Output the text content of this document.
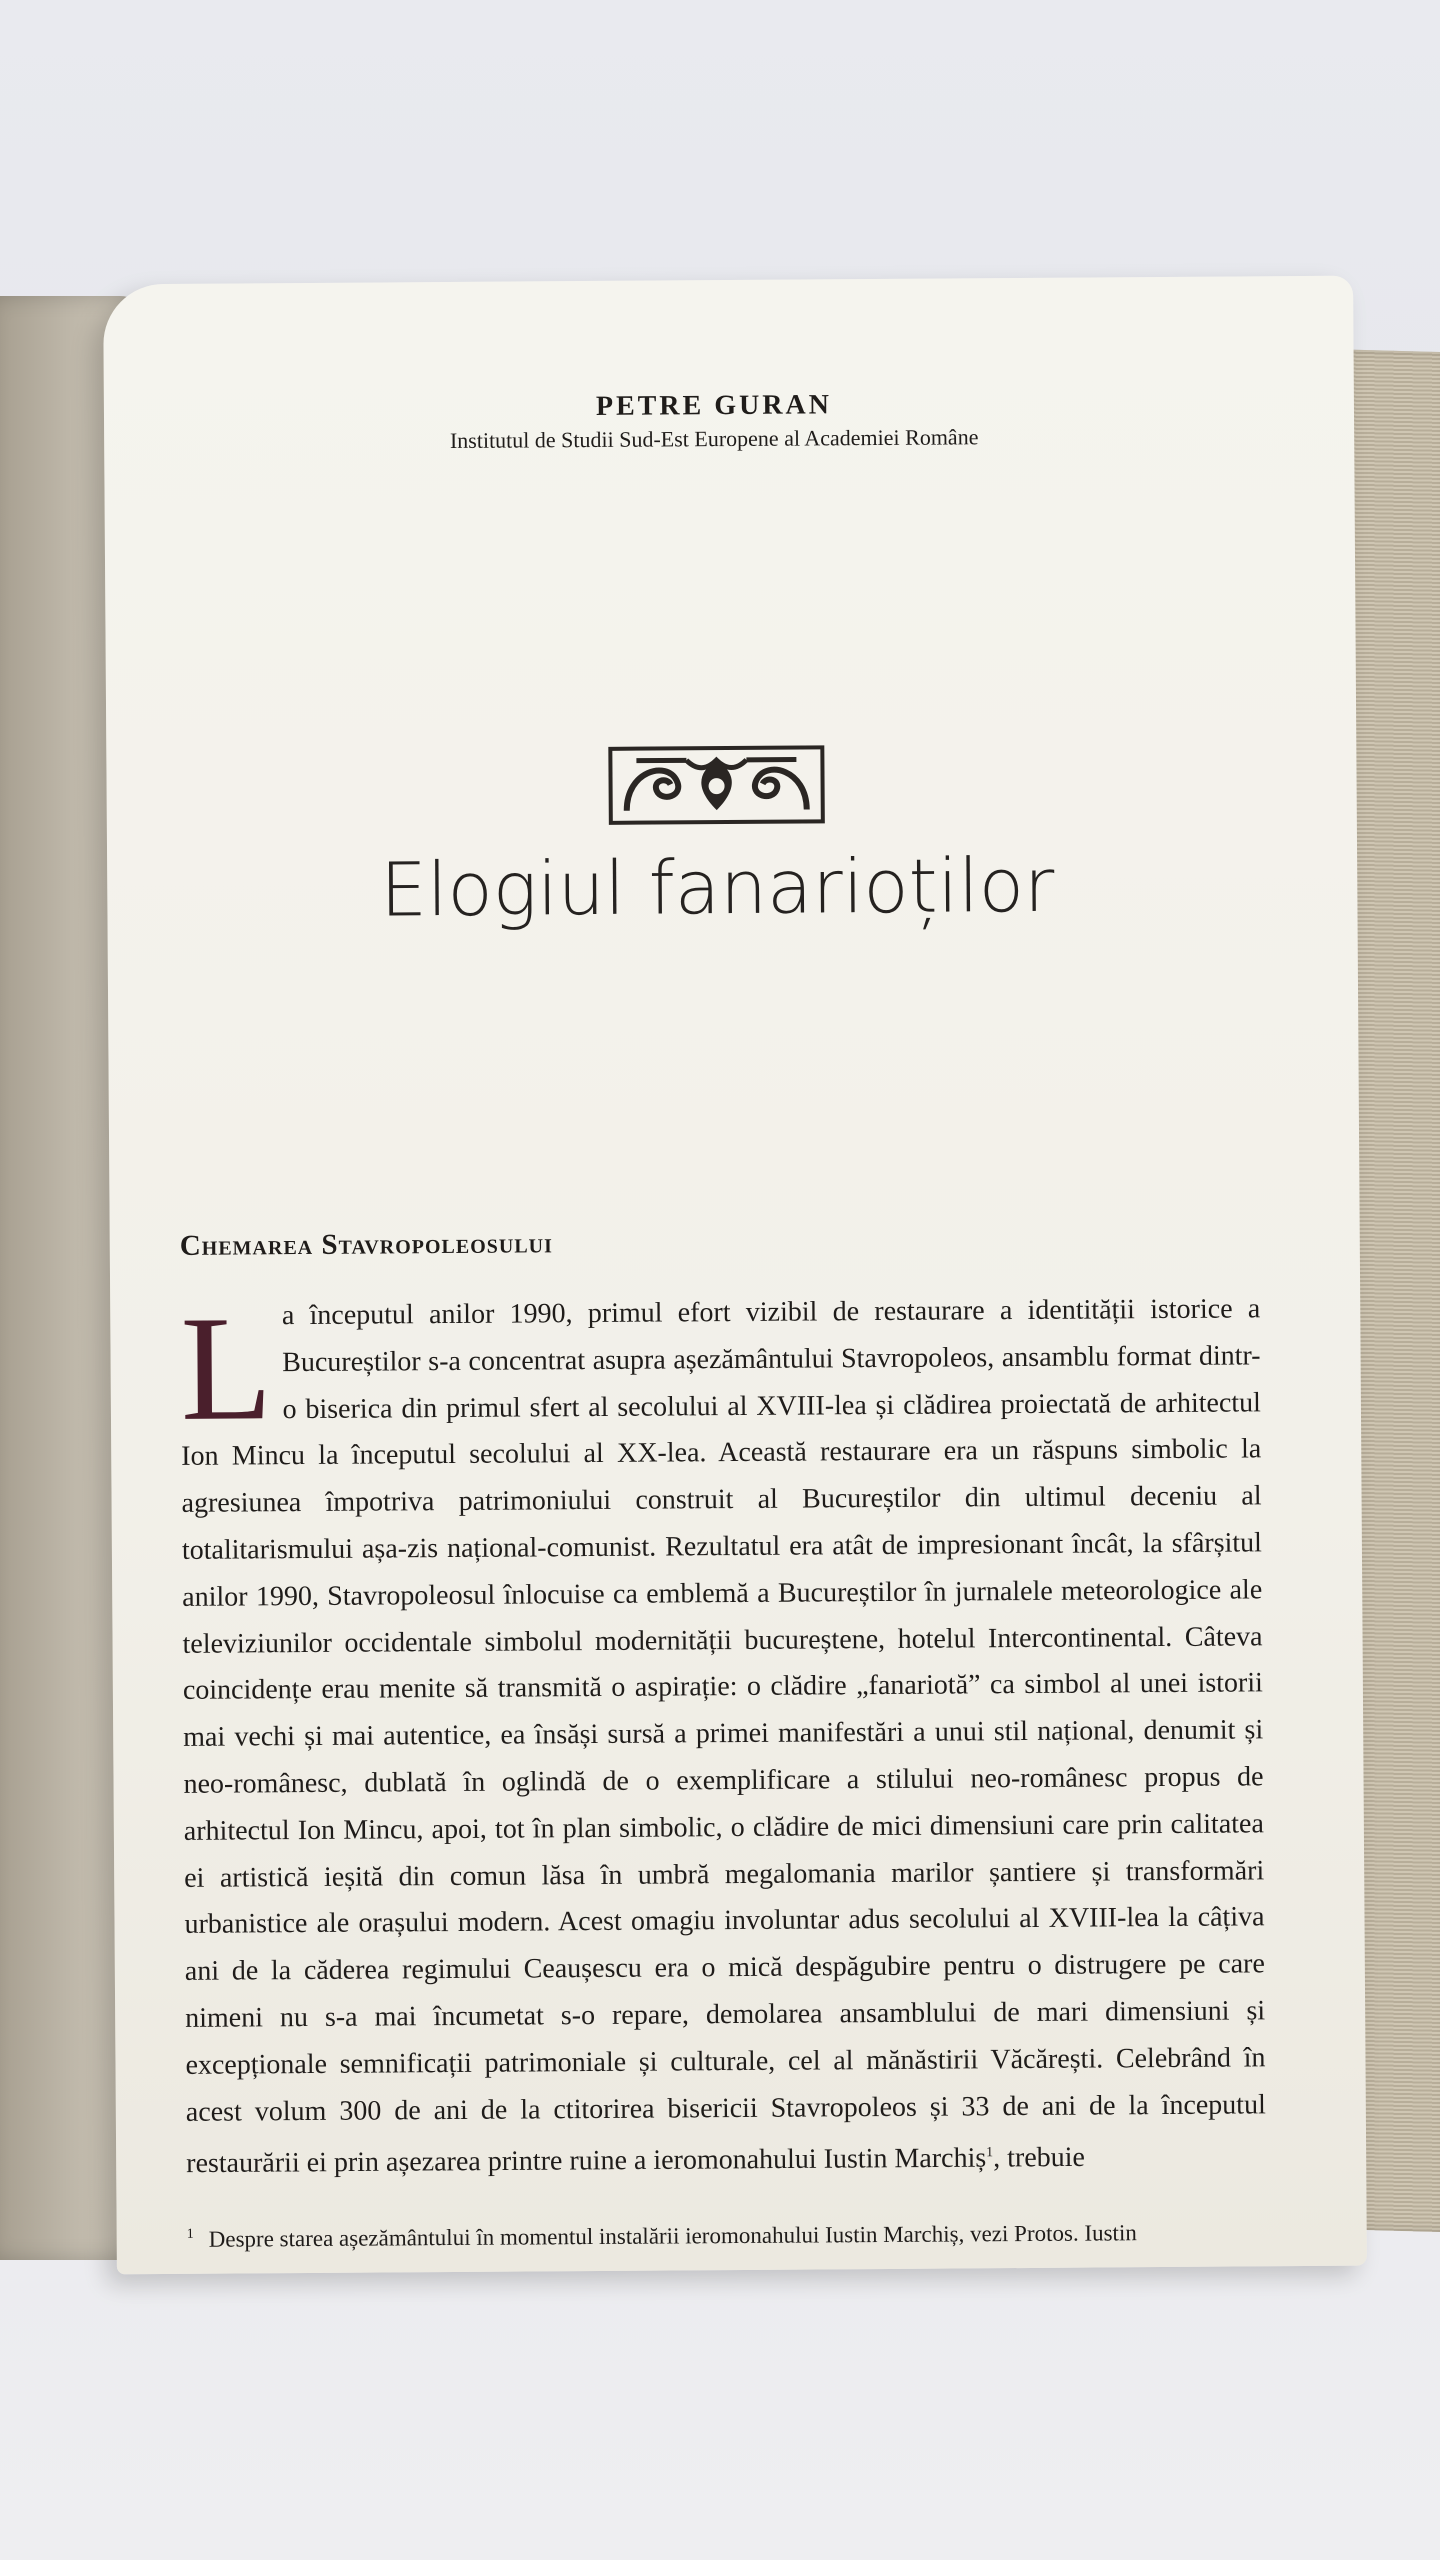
PETRE GURAN
Institutul de Studii Sud-Est Europene al Academiei Române
Elogiul fanarioților
Chemarea Stavropoleosului
La începutul anilor 1990, primul efort vizibil de restaurare a identității istorice a Bucureștilor s-a concentrat asupra așezământului Stavropoleos, ansamblu format dintr-o biserica din primul sfert al secolului al XVIII-lea și clădirea proiectată de arhitectul Ion Mincu la începutul secolului al XX-lea. Această restaurare era un răspuns simbolic la agresiunea împotriva patrimoniului construit al Bucureștilor din ultimul deceniu al totalitarismului așa-zis național-comunist. Rezultatul era atât de impresionant încât, la sfârșitul anilor 1990, Stavropoleosul înlocuise ca emblemă a Bucureștilor în jurnalele meteorologice ale televiziunilor occidentale simbolul modernității bucureștene, hotelul Intercontinental. Câteva coincidențe erau menite să transmită o aspirație: o clădire „fanariotă” ca simbol al unei istorii mai vechi și mai autentice, ea însăși sursă a primei manifestări a unui stil național, denumit și neo-românesc, dublată în oglindă de o exemplificare a stilului neo-românesc propus de arhitectul Ion Mincu, apoi, tot în plan simbolic, o clădire de mici dimensiuni care prin calitatea ei artistică ieșită din comun lăsa în umbră megalomania marilor șantiere și transformări urbanistice ale orașului modern. Acest omagiu involuntar adus secolului al XVIII-lea la câțiva ani de la căderea regimului Ceaușescu era o mică despăgubire pentru o distrugere pe care nimeni nu s-a mai încumetat s-o repare, demolarea ansamblului de mari dimensiuni și excepționale semnificații patrimoniale și culturale, cel al mănăstirii Văcărești. Celebrând în acest volum 300 de ani de la ctitorirea bisericii Stavropoleos și 33 de ani de la începutul restaurării ei prin așezarea printre ruine a ieromonahului Iustin Marchiș$^1$, trebuie
1 Despre starea așezământului în momentul instalării ieromonahului Iustin Marchiș, vezi Protos. Iustin
